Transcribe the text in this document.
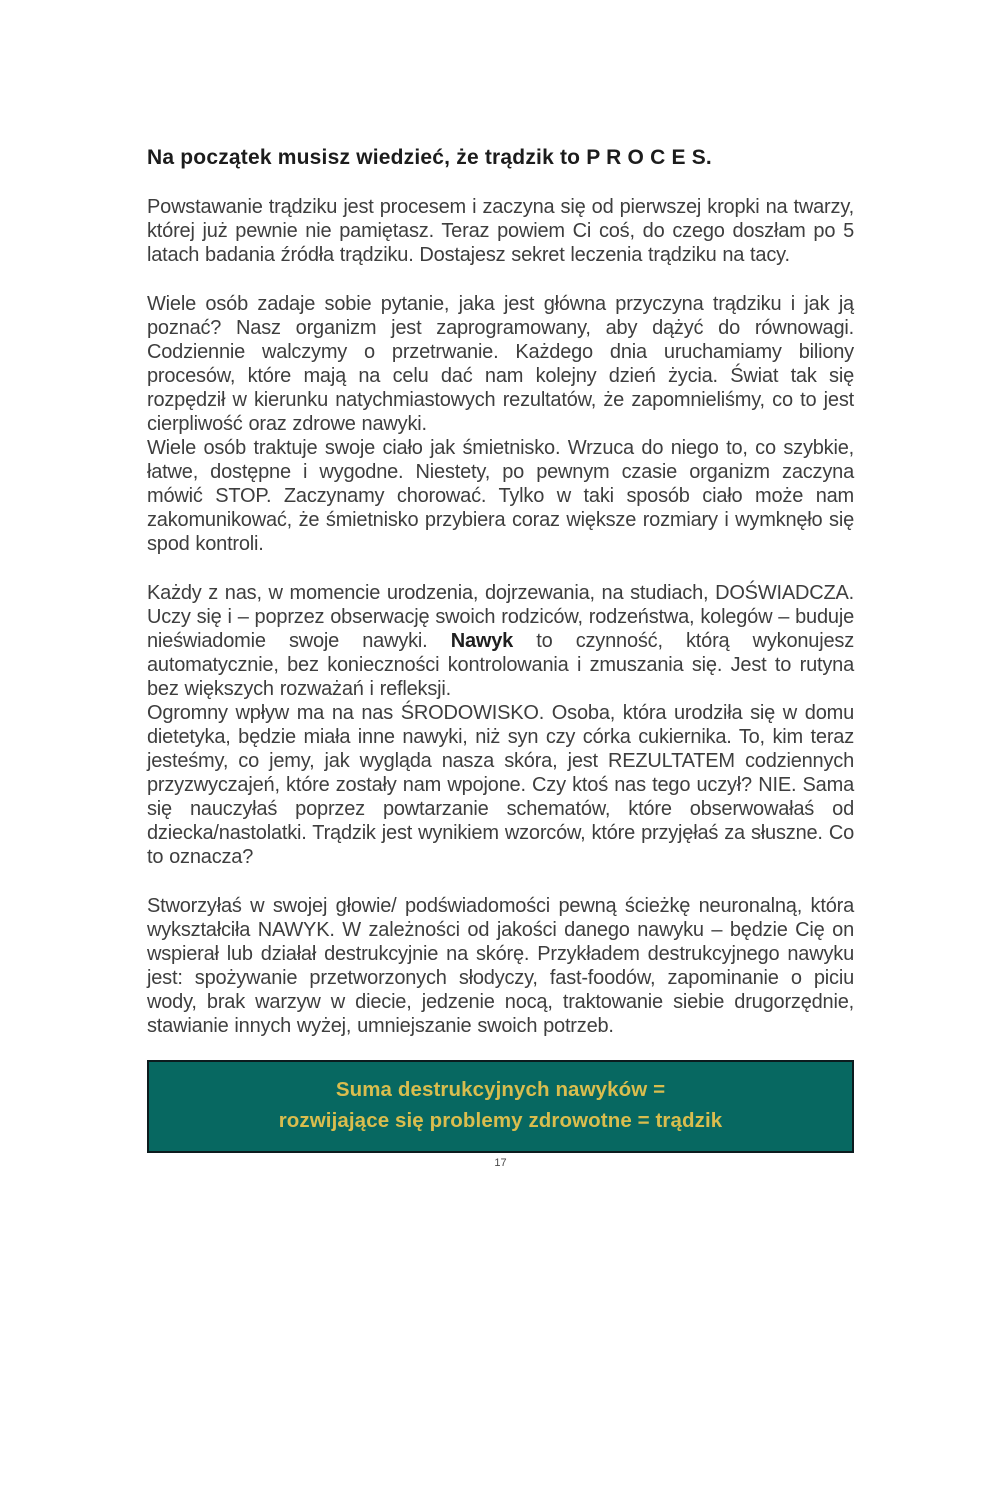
Na początek musisz wiedzieć, że trądzik to P R O C E S.

Powstawanie trądziku jest procesem i zaczyna się od pierwszej kropki na twarzy, której już pewnie nie pamiętasz. Teraz powiem Ci coś, do czego doszłam po 5 latach badania źródła trądziku. Dostajesz sekret leczenia trądziku na tacy.

Wiele osób zadaje sobie pytanie, jaka jest główna przyczyna trądziku i jak ją poznać? Nasz organizm jest zaprogramowany, aby dążyć do równowagi. Codziennie walczymy o przetrwanie. Każdego dnia uruchamiamy biliony procesów, które mają na celu dać nam kolejny dzień życia. Świat tak się rozpędził w kierunku natychmiastowych rezultatów, że zapomnieliśmy, co to jest cierpliwość oraz zdrowe nawyki.

Wiele osób traktuje swoje ciało jak śmietnisko. Wrzuca do niego to, co szybkie, łatwe, dostępne i wygodne. Niestety, po pewnym czasie organizm zaczyna mówić STOP. Zaczynamy chorować. Tylko w taki sposób ciało może nam zakomunikować, że śmietnisko przybiera coraz większe rozmiary i wymknęło się spod kontroli.

Każdy z nas, w momencie urodzenia, dojrzewania, na studiach, DOŚWIADCZA. Uczy się i – poprzez obserwację swoich rodziców, rodzeństwa, kolegów – buduje nieświadomie swoje nawyki. Nawyk to czynność, którą wykonujesz automatycznie, bez konieczności kontrolowania i zmuszania się. Jest to rutyna bez większych rozważań i refleksji.

Ogromny wpływ ma na nas ŚRODOWISKO. Osoba, która urodziła się w domu dietetyka, będzie miała inne nawyki, niż syn czy córka cukiernika. To, kim teraz jesteśmy, co jemy, jak wygląda nasza skóra, jest REZULTATEM codziennych przyzwyczajeń, które zostały nam wpojone. Czy ktoś nas tego uczył? NIE. Sama się nauczyłaś poprzez powtarzanie schematów, które obserwowałaś od dziecka/nastolatki. Trądzik jest wynikiem wzorców, które przyjęłaś za słuszne. Co to oznacza?

Stworzyłaś w swojej głowie/ podświadomości pewną ścieżkę neuronalną, która wykształciła NAWYK. W zależności od jakości danego nawyku – będzie Cię on wspierał lub działał destrukcyjnie na skórę. Przykładem destrukcyjnego nawyku jest: spożywanie przetworzonych słodyczy, fast-foodów, zapominanie o piciu wody, brak warzyw w diecie, jedzenie nocą, traktowanie siebie drugorzędnie, stawianie innych wyżej, umniejszanie swoich potrzeb.

Suma destrukcyjnych nawyków =
rozwijające się problemy zdrowotne = trądzik
17
